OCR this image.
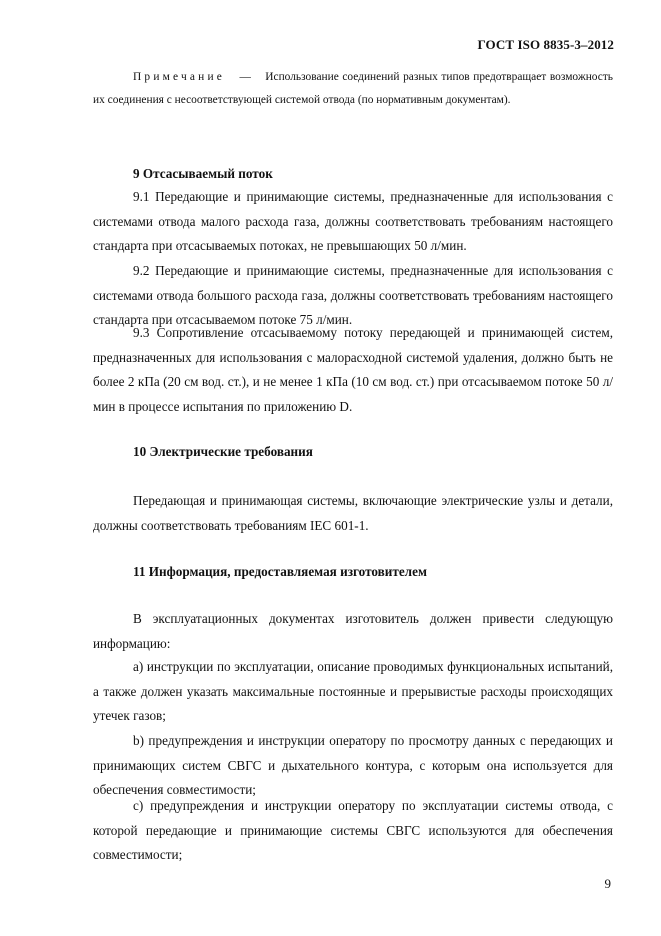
ГОСТ ISO 8835-3–2012
Примечание — Использование соединений разных типов предотвращает возможность их соединения с несоответствующей системой отвода (по нормативным документам).
9 Отсасываемый поток

9.1 Передающие и принимающие системы, предназначенные для использования с системами отвода малого расхода газа, должны соответствовать требованиям настоящего стандарта при отсасываемых потоках, не превышающих 50 л/мин.

9.2 Передающие и принимающие системы, предназначенные для использования с системами отвода большого расхода газа, должны соответствовать требованиям настоящего стандарта при отсасываемом потоке 75 л/мин.

9.3 Сопротивление отсасываемому потоку передающей и принимающей систем, предназначенных для использования с малорасходной системой удаления, должно быть не более 2 кПа (20 см вод. ст.), и не менее 1 кПа (10 см вод. ст.) при отсасываемом потоке 50 л/мин в процессе испытания по приложению D.

10 Электрические требования

Передающая и принимающая системы, включающие электрические узлы и детали, должны соответствовать требованиям IEC 601-1.

11 Информация, предоставляемая изготовителем

В эксплуатационных документах изготовитель должен привести следующую информацию:

а) инструкции по эксплуатации, описание проводимых функциональных испытаний, а также должен указать максимальные постоянные и прерывистые расходы происходящих утечек газов;

b) предупреждения и инструкции оператору по просмотру данных с передающих и принимающих систем СВГС и дыхательного контура, с которым она используется для обеспечения совместимости;

с) предупреждения и инструкции оператору по эксплуатации системы отвода, с которой передающие и принимающие системы СВГС используются для обеспечения совместимости;

9
